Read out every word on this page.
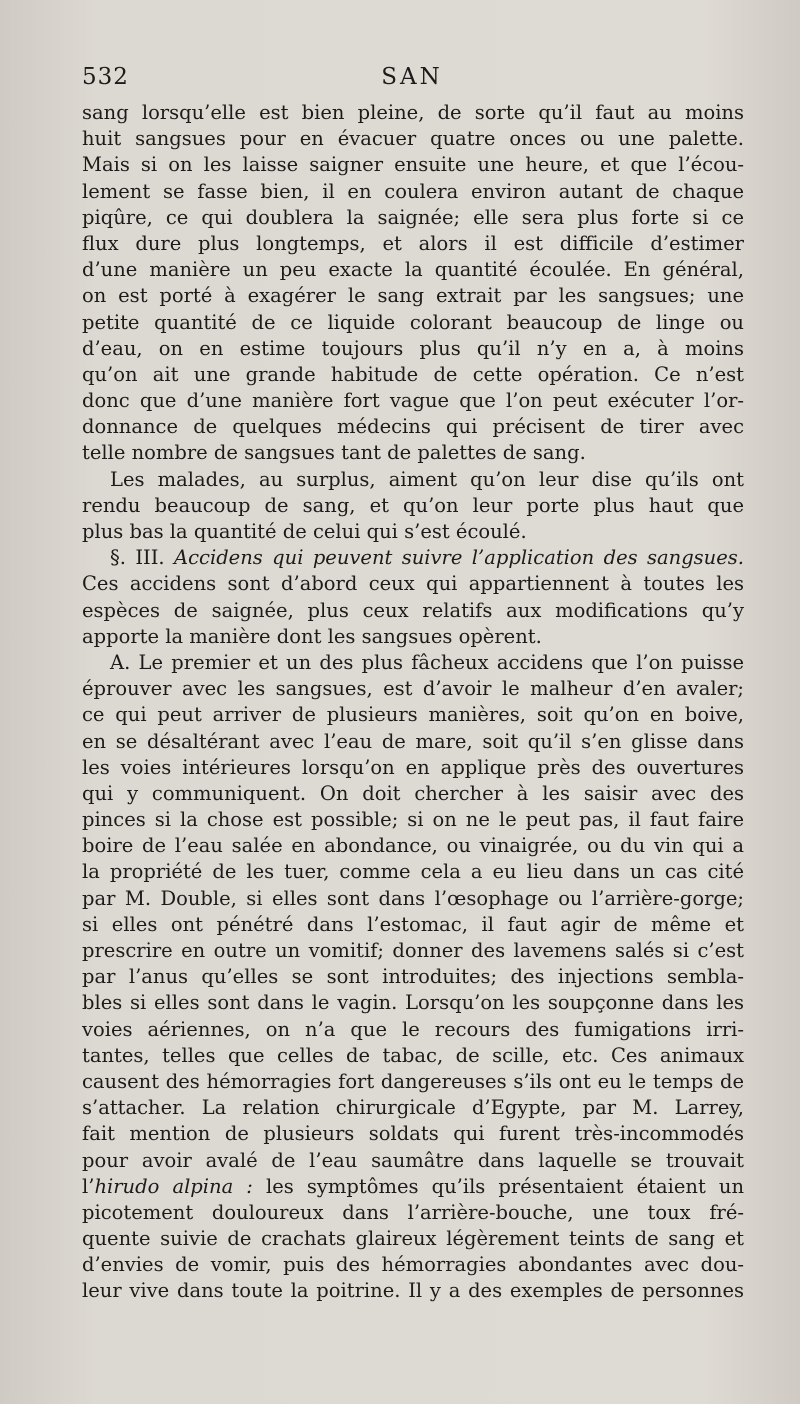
532	SAN
sang lorsqu’elle est bien pleine, de sorte qu’il faut au moins
huit sangsues pour en évacuer quatre onces ou une palette.
Mais si on les laisse saigner ensuite une heure, et que l’écou-
lement se fasse bien, il en coulera environ autant de chaque
piqûre, ce qui doublera la saignée; elle sera plus forte si ce
flux dure plus longtemps, et alors il est difficile d’estimer
d’une manière un peu exacte la quantité écoulée. En général,
on est porté à exagérer le sang extrait par les sangsues; une
petite quantité de ce liquide colorant beaucoup de linge ou
d’eau, on en estime toujours plus qu’il n’y en a, à moins
qu’on ait une grande habitude de cette opération. Ce n’est
donc que d’une manière fort vague que l’on peut exécuter l’or-
donnance de quelques médecins qui précisent de tirer avec
telle nombre de sangsues tant de palettes de sang.
Les malades, au surplus, aiment qu’on leur dise qu’ils ont
rendu beaucoup de sang, et qu’on leur porte plus haut que
plus bas la quantité de celui qui s’est écoulé.
§. III. Accidens qui peuvent suivre l’application des sangsues.
Ces accidens sont d’abord ceux qui appartiennent à toutes les
espèces de saignée, plus ceux relatifs aux modifications qu’y
apporte la manière dont les sangsues opèrent.
A. Le premier et un des plus fâcheux accidens que l’on puisse
éprouver avec les sangsues, est d’avoir le malheur d’en avaler;
ce qui peut arriver de plusieurs manières, soit qu’on en boive,
en se désaltérant avec l’eau de mare, soit qu’il s’en glisse dans
les voies intérieures lorsqu’on en applique près des ouvertures
qui y communiquent. On doit chercher à les saisir avec des
pinces si la chose est possible; si on ne le peut pas, il faut faire
boire de l’eau salée en abondance, ou vinaigrée, ou du vin qui a
la propriété de les tuer, comme cela a eu lieu dans un cas cité
par M. Double, si elles sont dans l’œsophage ou l’arrière-gorge;
si elles ont pénétré dans l’estomac, il faut agir de même et
prescrire en outre un vomitif; donner des lavemens salés si c’est
par l’anus qu’elles se sont introduites; des injections sembla-
bles si elles sont dans le vagin. Lorsqu’on les soupçonne dans les
voies aériennes, on n’a que le recours des fumigations irri-
tantes, telles que celles de tabac, de scille, etc. Ces animaux
causent des hémorragies fort dangereuses s’ils ont eu le temps de
s’attacher. La relation chirurgicale d’Egypte, par M. Larrey,
fait mention de plusieurs soldats qui furent très-incommodés
pour avoir avalé de l’eau saumâtre dans laquelle se trouvait
l’hirudo alpina : les symptômes qu’ils présentaient étaient un
picotement douloureux dans l’arrière-bouche, une toux fré-
quente suivie de crachats glaireux légèrement teints de sang et
d’envies de vomir, puis des hémorragies abondantes avec dou-
leur vive dans toute la poitrine. Il y a des exemples de personnes
